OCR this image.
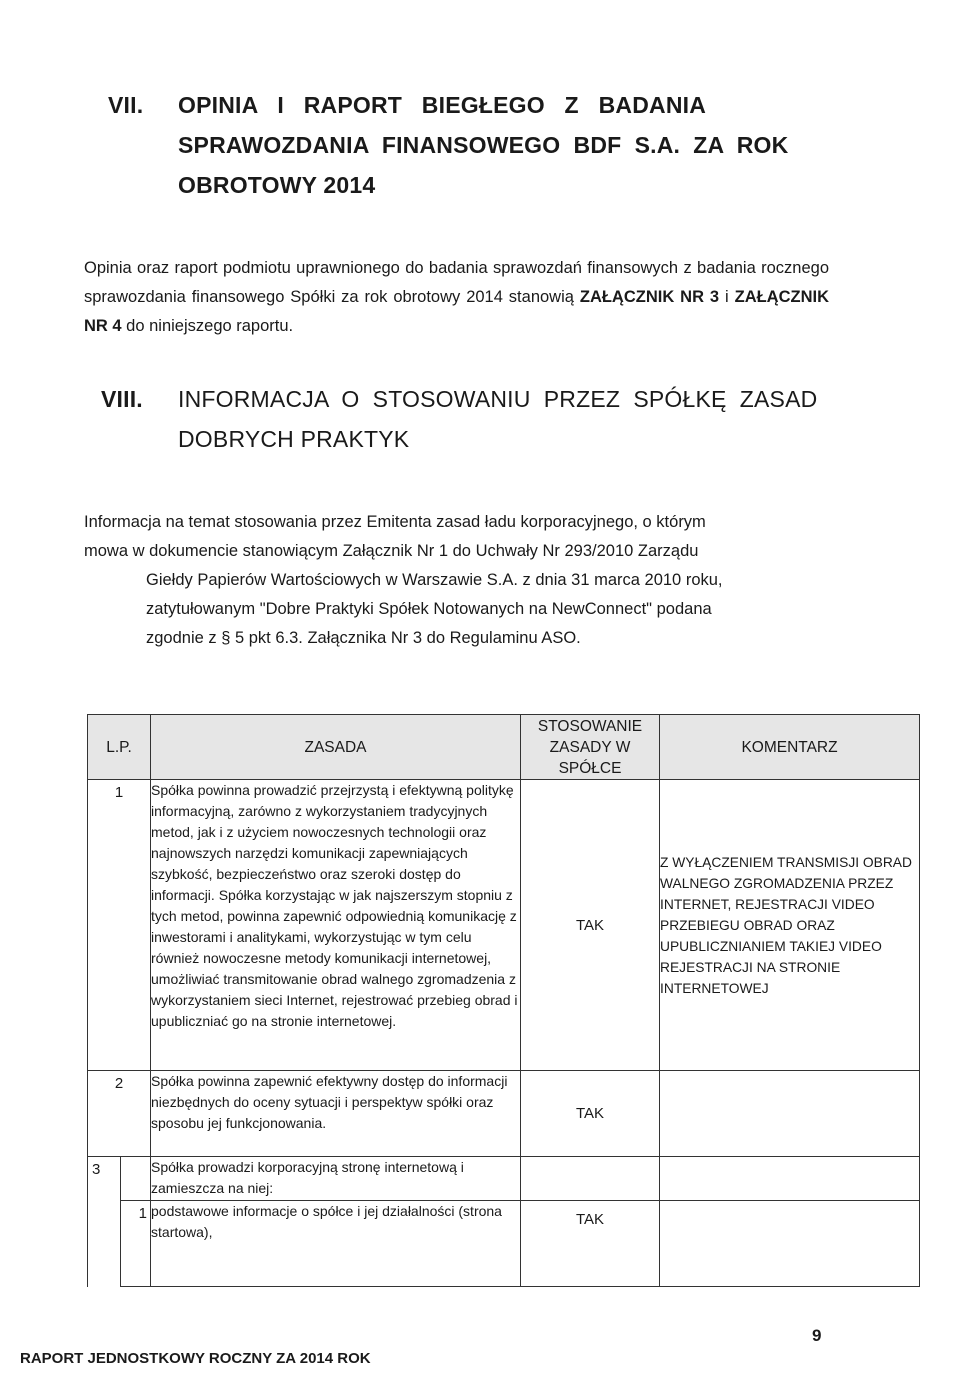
VII. OPINIA   I   RAPORT   BIEGŁEGO   Z   BADANIA
SPRAWOZDANIA  FINANSOWEGO  BDF  S.A.  ZA  ROK
OBROTOWY 2014
Opinia oraz raport podmiotu uprawnionego do badania sprawozdań finansowych z badania rocznego sprawozdania finansowego Spółki za rok obrotowy 2014 stanowią ZAŁĄCZNIK NR 3 i ZAŁĄCZNIK NR 4 do niniejszego raportu.
VIII. INFORMACJA  O  STOSOWANIU  PRZEZ  SPÓŁKĘ  ZASAD
DOBRYCH PRAKTYK
Informacja na temat stosowania przez Emitenta zasad ładu korporacyjnego, o którym
mowa w dokumencie stanowiącym Załącznik Nr 1 do Uchwały Nr 293/2010 Zarządu
Giełdy Papierów Wartościowych w Warszawie S.A. z dnia 31 marca 2010 roku,
zatytułowanym "Dobre Praktyki Spółek Notowanych na NewConnect" podana
zgodnie z § 5 pkt 6.3. Załącznika Nr 3 do Regulaminu ASO.
L.P.		ZASADA	STOSOWANIE ZASADY W SPÓŁCE	KOMENTARZ
1		Spółka powinna prowadzić przejrzystą i efektywną politykę informacyjną, zarówno z wykorzystaniem tradycyjnych metod, jak i z użyciem nowoczesnych technologii oraz najnowszych narzędzi komunikacji zapewniających szybkość, bezpieczeństwo oraz szeroki dostęp do informacji. Spółka korzystając w jak najszerszym stopniu z tych metod, powinna zapewnić odpowiednią komunikację z inwestorami i analitykami, wykorzystując w tym celu również nowoczesne metody komunikacji internetowej, umożliwiać transmitowanie obrad walnego zgromadzenia z wykorzystaniem sieci Internet, rejestrować przebieg obrad i upubliczniać go na stronie internetowej.	TAK	Z WYŁĄCZENIEM TRANSMISJI OBRAD WALNEGO ZGROMADZENIA PRZEZ INTERNET, REJESTRACJI VIDEO PRZEBIEGU OBRAD ORAZ UPUBLICZNIANIEM TAKIEJ VIDEO REJESTRACJI NA STRONIE INTERNETOWEJ
2		Spółka powinna zapewnić efektywny dostęp do informacji niezbędnych do oceny sytuacji i perspektyw spółki oraz sposobu jej funkcjonowania.	TAK	
3		Spółka prowadzi korporacyjną stronę internetową i zamieszcza na niej:		
	1	podstawowe informacje o spółce i jej działalności (strona startowa),	TAK	
9
RAPORT JEDNOSTKOWY ROCZNY ZA 2014 ROK
